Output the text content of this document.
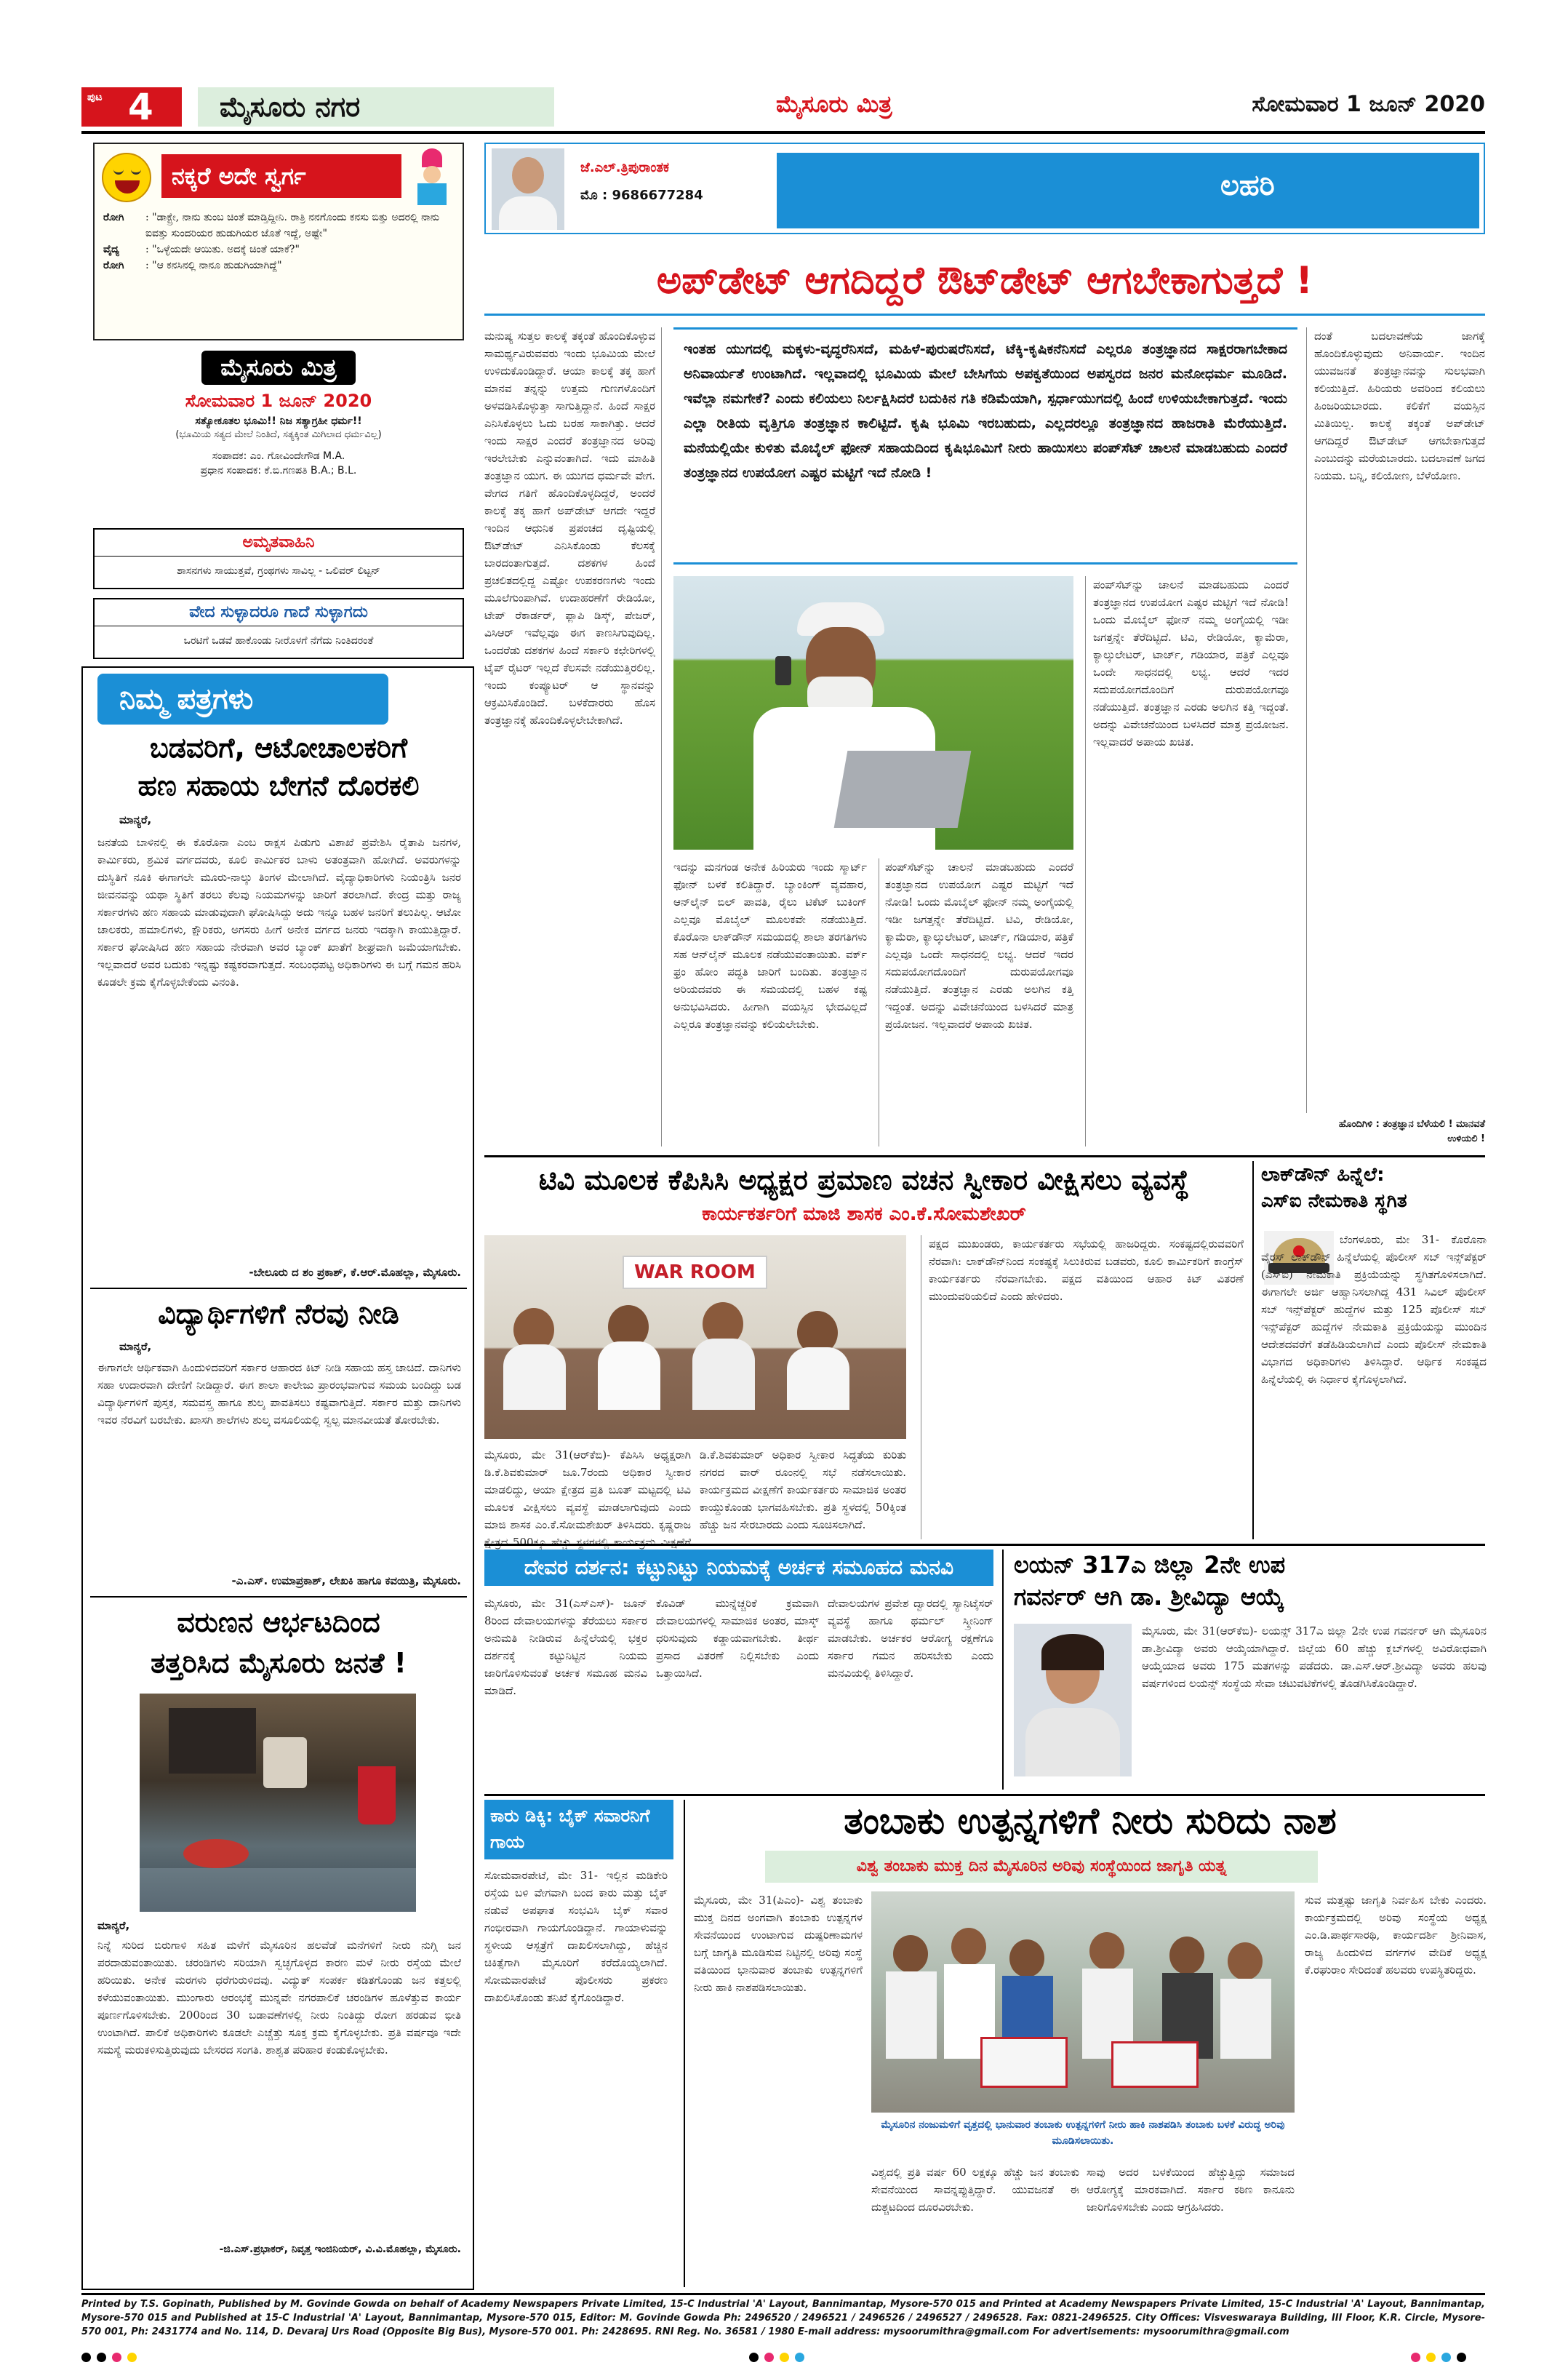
ಪುಟ 4	ಮೈಸೂರು ನಗರ	ಮೈಸೂರು ಮಿತ್ರ	ಸೋಮವಾರ 1 ಜೂನ್ 2020
ನಕ್ಕರೆ ಅದೇ ಸ್ವರ್ಗ
ರೋಗಿ	: "ಡಾಕ್ಟ್ರೇ, ನಾನು ತುಂಬ ಚಿಂತೆ ಮಾಡ್ತಿದ್ದೀನಿ. ರಾತ್ರಿ ನನಗೊಂದು ಕನಸು ಬಿತ್ತು ಅದರಲ್ಲಿ ನಾನು ಐವತ್ತು ಸುಂದರಿಯರ ಹುಡುಗಿಯರ ಜೊತೆ ಇದ್ದೆ, ಅಷ್ಟೇ"
ವೈದ್ಯ	: "ಒಳ್ಳೆಯದೇ ಆಯಿತು. ಅದಕ್ಕೆ ಚಿಂತೆ ಯಾಕೆ?"
ರೋಗಿ	: "ಆ ಕನಸಿನಲ್ಲಿ ನಾನೂ ಹುಡುಗಿಯಾಗಿದ್ದೆ"
ಮೈಸೂರು ಮಿತ್ರ
ಸೋಮವಾರ 1 ಜೂನ್ 2020
ಸತ್ಯೋಕೂತಲ ಭೂಮಿ!! ನಿಜ ಸತ್ಯಾಗ್ರಹೀ ಧರ್ಮ!!
(ಭೂಮಿಯ ಸತ್ಯದ ಮೇಲೆ ನಿಂತಿದೆ, ಸತ್ಯಕ್ಕಿಂತ ಮಿಗಿಲಾದ ಧರ್ಮವಿಲ್ಲ)
ಸಂಪಾದಕ: ಎಂ. ಗೋವಿಂದೇಗೌಡ M.A.
ಪ್ರಧಾನ ಸಂಪಾದಕ: ಕೆ.ಬಿ.ಗಣಪತಿ B.A.; B.L.
ಅಮೃತವಾಹಿನಿ
ಶಾಸನಗಳು ಸಾಯುತ್ತವೆ, ಗ್ರಂಥಗಳು ಸಾವಿಲ್ಲ - ಒಲಿವರ್ ಲಿಟ್ಟನ್
ವೇದ ಸುಳ್ಳಾದರೂ ಗಾದೆ ಸುಳ್ಳಾಗದು
ಒರಟಿಗೆ ಒಡವೆ ಹಾಕೊಂಡು ನೀರೊಳಗೆ ನೆಗೆದು ನಿಂತಿದರಂತೆ
ನಿಮ್ಮ ಪತ್ರಗಳು
ಬಡವರಿಗೆ, ಆಟೋಚಾಲಕರಿಗೆ
ಹಣ ಸಹಾಯ ಬೇಗನೆ ದೊರಕಲಿ
ಮಾನ್ಯರೆ,
ಜನತೆಯ ಬಾಳಿನಲ್ಲಿ ಈ ಕೊರೊನಾ ಎಂಬ ರಾಕ್ಷಸ ಪಿಡುಗು ವಿಶಾಖೆ ಪ್ರವೇಶಿಸಿ ರೈತಾಪಿ ಜನಗಳ, ಕಾರ್ಮಿಕರು, ಶ್ರಮಿಕ ವರ್ಗದವರು, ಕೂಲಿ ಕಾರ್ಮಿಕರ ಬಾಳು ಅತಂತ್ರವಾಗಿ ಹೋಗಿದೆ. ಅವರುಗಳನ್ನು ದುಸ್ಥಿತಿಗೆ ನೂಕಿ ಈಗಾಗಲೇ ಮೂರು-ನಾಲ್ಕು ತಿಂಗಳ ಮೇಲಾಗಿದೆ. ವೈದ್ಯಾಧಿಕಾರಿಗಳು ನಿಯಂತ್ರಿಸಿ ಜನರ ಜೀವನವನ್ನು ಯಥಾ ಸ್ಥಿತಿಗೆ ತರಲು ಕೆಲವು ನಿಯಮಗಳನ್ನು ಜಾರಿಗೆ ತರಲಾಗಿದೆ. ಕೇಂದ್ರ ಮತ್ತು ರಾಜ್ಯ ಸರ್ಕಾರಗಳು ಹಣ ಸಹಾಯ ಮಾಡುವುದಾಗಿ ಘೋಷಿಸಿದ್ದು ಅದು ಇನ್ನೂ ಬಹಳ ಜನರಿಗೆ ತಲುಪಿಲ್ಲ. ಆಟೋ ಚಾಲಕರು, ಹಮಾಲಿಗಳು, ಕ್ಷೌರಿಕರು, ಅಗಸರು ಹೀಗೆ ಅನೇಕ ವರ್ಗದ ಜನರು ಇದಕ್ಕಾಗಿ ಕಾಯುತ್ತಿದ್ದಾರೆ. ಸರ್ಕಾರ ಘೋಷಿಸಿದ ಹಣ ಸಹಾಯ ನೇರವಾಗಿ ಅವರ ಬ್ಯಾಂಕ್ ಖಾತೆಗೆ ಶೀಘ್ರವಾಗಿ ಜಮೆಯಾಗಬೇಕು. ಇಲ್ಲವಾದರೆ ಅವರ ಬದುಕು ಇನ್ನಷ್ಟು ಕಷ್ಟಕರವಾಗುತ್ತದೆ. ಸಂಬಂಧಪಟ್ಟ ಅಧಿಕಾರಿಗಳು ಈ ಬಗ್ಗೆ ಗಮನ ಹರಿಸಿ ಕೂಡಲೇ ಕ್ರಮ ಕೈಗೊಳ್ಳಬೇಕೆಂದು ವಿನಂತಿ.
-ಬೇಲೂರು ದ ಶಂ ಪ್ರಕಾಶ್, ಕೆ.ಆರ್.ಮೊಹಲ್ಲಾ, ಮೈಸೂರು.
ವಿದ್ಯಾರ್ಥಿಗಳಿಗೆ ನೆರವು ನೀಡಿ
ಮಾನ್ಯರೆ,
ಈಗಾಗಲೇ ಆರ್ಥಿಕವಾಗಿ ಹಿಂದುಳಿದವರಿಗೆ ಸರ್ಕಾರ ಆಹಾರದ ಕಿಟ್ ನೀಡಿ ಸಹಾಯ ಹಸ್ತ ಚಾಚಿದೆ. ದಾನಿಗಳು ಸಹಾ ಉದಾರವಾಗಿ ದೇಣಿಗೆ ನೀಡಿದ್ದಾರೆ. ಈಗ ಶಾಲಾ ಕಾಲೇಜು ಪ್ರಾರಂಭವಾಗುವ ಸಮಯ ಬಂದಿದ್ದು ಬಡ ವಿದ್ಯಾರ್ಥಿಗಳಿಗೆ ಪುಸ್ತಕ, ಸಮವಸ್ತ್ರ ಹಾಗೂ ಶುಲ್ಕ ಪಾವತಿಸಲು ಕಷ್ಟವಾಗುತ್ತಿದೆ. ಸರ್ಕಾರ ಮತ್ತು ದಾನಿಗಳು ಇವರ ನೆರವಿಗೆ ಬರಬೇಕು. ಖಾಸಗಿ ಶಾಲೆಗಳು ಶುಲ್ಕ ವಸೂಲಿಯಲ್ಲಿ ಸ್ವಲ್ಪ ಮಾನವೀಯತೆ ತೋರಬೇಕು.
-ಎ.ಎಸ್. ಉಮಾಪ್ರಕಾಶ್, ಲೇಖಕಿ ಹಾಗೂ ಕವಯಿತ್ರಿ, ಮೈಸೂರು.
ವರುಣನ ಆರ್ಭಟದಿಂದ
ತತ್ತರಿಸಿದ ಮೈಸೂರು ಜನತೆ !
ಮಾನ್ಯರೆ,
ನಿನ್ನೆ ಸುರಿದ ಬಿರುಗಾಳಿ ಸಹಿತ ಮಳೆಗೆ ಮೈಸೂರಿನ ಹಲವೆಡೆ ಮನೆಗಳಿಗೆ ನೀರು ನುಗ್ಗಿ ಜನ ಪರದಾಡುವಂತಾಯಿತು. ಚರಂಡಿಗಳು ಸರಿಯಾಗಿ ಸ್ವಚ್ಛಗೊಳ್ಳದ ಕಾರಣ ಮಳೆ ನೀರು ರಸ್ತೆಯ ಮೇಲೆ ಹರಿಯಿತು. ಅನೇಕ ಮರಗಳು ಧರೆಗುರುಳಿದವು. ವಿದ್ಯುತ್ ಸಂಪರ್ಕ ಕಡಿತಗೊಂಡು ಜನ ಕತ್ತಲಲ್ಲಿ ಕಳೆಯುವಂತಾಯಿತು. ಮುಂಗಾರು ಆರಂಭಕ್ಕೆ ಮುನ್ನವೇ ನಗರಪಾಲಿಕೆ ಚರಂಡಿಗಳ ಹೂಳೆತ್ತುವ ಕಾರ್ಯ ಪೂರ್ಣಗೊಳಿಸಬೇಕು. 200ರಿಂದ 30 ಬಡಾವಣೆಗಳಲ್ಲಿ ನೀರು ನಿಂತಿದ್ದು ರೋಗ ಹರಡುವ ಭೀತಿ ಉಂಟಾಗಿದೆ. ಪಾಲಿಕೆ ಅಧಿಕಾರಿಗಳು ಕೂಡಲೇ ಎಚ್ಚೆತ್ತು ಸೂಕ್ತ ಕ್ರಮ ಕೈಗೊಳ್ಳಬೇಕು. ಪ್ರತಿ ವರ್ಷವೂ ಇದೇ ಸಮಸ್ಯೆ ಮರುಕಳಿಸುತ್ತಿರುವುದು ಬೇಸರದ ಸಂಗತಿ. ಶಾಶ್ವತ ಪರಿಹಾರ ಕಂಡುಕೊಳ್ಳಬೇಕು.
-ಜಿ.ಎಸ್.ಪ್ರಭಾಕರ್, ನಿವೃತ್ತ ಇಂಜಿನಿಯರ್, ವಿ.ವಿ.ಮೊಹಲ್ಲಾ, ಮೈಸೂರು.
ಜೆ.ಎಲ್.ತ್ರಿಪುರಾಂತಕ
ಮೊ : 9686677284	ಲಹರಿ
ಅಪ್‌ಡೇಟ್ ಆಗದಿದ್ದರೆ ಔಟ್‌ಡೇಟ್ ಆಗಬೇಕಾಗುತ್ತದೆ !
ಇಂತಹ ಯುಗದಲ್ಲಿ ಮಕ್ಕಳು-ವೃದ್ಧರೆನಿಸದೆ, ಮಹಿಳೆ-ಪುರುಷರೆನಿಸದೆ, ಟೆಕ್ಕಿ-ಕೃಷಿಕನೆನಿಸದೆ ಎಲ್ಲರೂ ತಂತ್ರಜ್ಞಾನದ ಸಾಕ್ಷರರಾಗಬೇಕಾದ ಅನಿವಾರ್ಯತೆ ಉಂಟಾಗಿದೆ. ಇಲ್ಲವಾದಲ್ಲಿ ಭೂಮಿಯ ಮೇಲೆ ಬೇಸಿಗೆಯ ಅಪಕ್ವತೆಯಿಂದ ಅಪಸ್ವರದ ಜನರ ಮನೋಧರ್ಮ ಮೂಡಿದೆ. ಇವೆಲ್ಲಾ ನಮಗೇಕೆ? ಎಂದು ಕಲಿಯಲು ನಿರ್ಲಕ್ಷಿಸಿದರೆ ಬದುಕಿನ ಗತಿ ಕಡಿಮೆಯಾಗಿ, ಸ್ಪರ್ಧಾಯುಗದಲ್ಲಿ ಹಿಂದೆ ಉಳಿಯಬೇಕಾಗುತ್ತದೆ. ಇಂದು ಎಲ್ಲಾ ರೀತಿಯ ವೃತ್ತಿಗೂ ತಂತ್ರಜ್ಞಾನ ಕಾಲಿಟ್ಟಿದೆ. ಕೃಷಿ ಭೂಮಿ ಇರಬಹುದು, ಎಲ್ಲದರಲ್ಲೂ ತಂತ್ರಜ್ಞಾನದ ಹಾಜರಾತಿ ಮೆರೆಯುತ್ತಿದೆ. ಮನೆಯಲ್ಲಿಯೇ ಕುಳಿತು ಮೊಬೈಲ್ ಫೋನ್ ಸಹಾಯದಿಂದ ಕೃಷಿಭೂಮಿಗೆ ನೀರು ಹಾಯಿಸಲು ಪಂಪ್‌ಸೆಟ್ ಚಾಲನೆ ಮಾಡಬಹುದು ಎಂದರೆ ತಂತ್ರಜ್ಞಾನದ ಉಪಯೋಗ ಎಷ್ಟರ ಮಟ್ಟಿಗೆ ಇದೆ ನೋಡಿ !
ಮನುಷ್ಯ ಸುತ್ತಲ ಕಾಲಕ್ಕೆ ತಕ್ಕಂತೆ ಹೊಂದಿಕೊಳ್ಳುವ ಸಾಮರ್ಥ್ಯವಿರುವವರು ಇಂದು ಭೂಮಿಯ ಮೇಲೆ ಉಳಿದುಕೊಂಡಿದ್ದಾರೆ. ಆಯಾ ಕಾಲಕ್ಕೆ ತಕ್ಕ ಹಾಗೆ ಮಾನವ ತನ್ನನ್ನು ಉತ್ತಮ ಗುಣಗಳೊಂದಿಗೆ ಅಳವಡಿಸಿಕೊಳ್ಳುತ್ತಾ ಸಾಗುತ್ತಿದ್ದಾನೆ. ಹಿಂದೆ ಸಾಕ್ಷರ ಎನಿಸಿಕೊಳ್ಳಲು ಓದು ಬರಹ ಸಾಕಾಗಿತ್ತು. ಆದರೆ ಇಂದು ಸಾಕ್ಷರ ಎಂದರೆ ತಂತ್ರಜ್ಞಾನದ ಅರಿವು ಇರಲೇಬೇಕು ಎನ್ನುವಂತಾಗಿದೆ. ಇದು ಮಾಹಿತಿ ತಂತ್ರಜ್ಞಾನ ಯುಗ. ಈ ಯುಗದ ಧರ್ಮವೇ ವೇಗ. ವೇಗದ ಗತಿಗೆ ಹೊಂದಿಕೊಳ್ಳದಿದ್ದರೆ, ಅಂದರೆ ಕಾಲಕ್ಕೆ ತಕ್ಕ ಹಾಗೆ ಅಪ್‌ಡೇಟ್ ಆಗದೇ ಇದ್ದರೆ ಇಂದಿನ ಆಧುನಿಕ ಪ್ರಪಂಚದ ದೃಷ್ಟಿಯಲ್ಲಿ ಔಟ್‌ಡೇಟ್ ಎನಿಸಿಕೊಂಡು ಕೆಲಸಕ್ಕೆ ಬಾರದಂತಾಗುತ್ತದೆ. ದಶಕಗಳ ಹಿಂದೆ ಪ್ರಚಲಿತದಲ್ಲಿದ್ದ ಎಷ್ಟೋ ಉಪಕರಣಗಳು ಇಂದು ಮೂಲೆಗುಂಪಾಗಿವೆ. ಉದಾಹರಣೆಗೆ ರೇಡಿಯೋ, ಟೇಪ್ ರೆಕಾರ್ಡರ್, ಫ್ಲಾಪಿ ಡಿಸ್ಕ್, ಪೇಜರ್, ವಿಸಿಆರ್ ಇವೆಲ್ಲವೂ ಈಗ ಕಾಣಸಿಗುವುದಿಲ್ಲ. ಒಂದರೆಡು ದಶಕಗಳ ಹಿಂದೆ ಸರ್ಕಾರಿ ಕಛೇರಿಗಳಲ್ಲಿ ಟೈಪ್ ರೈಟರ್ ಇಲ್ಲದೆ ಕೆಲಸವೇ ನಡೆಯುತ್ತಿರಲಿಲ್ಲ. ಇಂದು ಕಂಪ್ಯೂಟರ್ ಆ ಸ್ಥಾನವನ್ನು ಆಕ್ರಮಿಸಿಕೊಂಡಿದೆ. ಬಳಕೆದಾರರು ಹೊಸ ತಂತ್ರಜ್ಞಾನಕ್ಕೆ ಹೊಂದಿಕೊಳ್ಳಲೇಬೇಕಾಗಿದೆ.
ಇದನ್ನು ಮನಗಂಡ ಅನೇಕ ಹಿರಿಯರು ಇಂದು ಸ್ಮಾರ್ಟ್ ಫೋನ್ ಬಳಕೆ ಕಲಿತಿದ್ದಾರೆ. ಬ್ಯಾಂಕಿಂಗ್ ವ್ಯವಹಾರ, ಆನ್‌ಲೈನ್ ಬಿಲ್ ಪಾವತಿ, ರೈಲು ಟಿಕೆಟ್ ಬುಕಿಂಗ್ ಎಲ್ಲವೂ ಮೊಬೈಲ್ ಮೂಲಕವೇ ನಡೆಯುತ್ತಿದೆ. ಕೊರೊನಾ ಲಾಕ್‌ಡೌನ್ ಸಮಯದಲ್ಲಿ ಶಾಲಾ ತರಗತಿಗಳು ಸಹ ಆನ್‌ಲೈನ್ ಮೂಲಕ ನಡೆಯುವಂತಾಯಿತು. ವರ್ಕ್ ಫ್ರಂ ಹೋಂ ಪದ್ಧತಿ ಜಾರಿಗೆ ಬಂದಿತು. ತಂತ್ರಜ್ಞಾನ ಅರಿಯದವರು ಈ ಸಮಯದಲ್ಲಿ ಬಹಳ ಕಷ್ಟ ಅನುಭವಿಸಿದರು. ಹೀಗಾಗಿ ವಯಸ್ಸಿನ ಭೇದವಿಲ್ಲದೆ ಎಲ್ಲರೂ ತಂತ್ರಜ್ಞಾನವನ್ನು ಕಲಿಯಲೇಬೇಕು.
ಪಂಪ್‌ಸೆಟ್‌ನ್ನು ಚಾಲನೆ ಮಾಡಬಹುದು ಎಂದರೆ ತಂತ್ರಜ್ಞಾನದ ಉಪಯೋಗ ಎಷ್ಟರ ಮಟ್ಟಿಗೆ ಇದೆ ನೋಡಿ! ಒಂದು ಮೊಬೈಲ್ ಫೋನ್ ನಮ್ಮ ಅಂಗೈಯಲ್ಲಿ ಇಡೀ ಜಗತ್ತನ್ನೇ ತೆರೆದಿಟ್ಟಿದೆ. ಟಿವಿ, ರೇಡಿಯೋ, ಕ್ಯಾಮೆರಾ, ಕ್ಯಾಲ್ಕುಲೇಟರ್, ಟಾರ್ಚ್, ಗಡಿಯಾರ, ಪತ್ರಿಕೆ ಎಲ್ಲವೂ ಒಂದೇ ಸಾಧನದಲ್ಲಿ ಲಭ್ಯ. ಆದರೆ ಇದರ ಸದುಪಯೋಗದೊಂದಿಗೆ ದುರುಪಯೋಗವೂ ನಡೆಯುತ್ತಿದೆ. ತಂತ್ರಜ್ಞಾನ ಎರಡು ಅಲಗಿನ ಕತ್ತಿ ಇದ್ದಂತೆ. ಅದನ್ನು ವಿವೇಚನೆಯಿಂದ ಬಳಸಿದರೆ ಮಾತ್ರ ಪ್ರಯೋಜನ. ಇಲ್ಲವಾದರೆ ಅಪಾಯ ಖಚಿತ.
ಪಂಪ್‌ಸೆಟ್‌ನ್ನು ಚಾಲನೆ ಮಾಡಬಹುದು ಎಂದರೆ ತಂತ್ರಜ್ಞಾನದ ಉಪಯೋಗ ಎಷ್ಟರ ಮಟ್ಟಿಗೆ ಇದೆ ನೋಡಿ! ಒಂದು ಮೊಬೈಲ್ ಫೋನ್ ನಮ್ಮ ಅಂಗೈಯಲ್ಲಿ ಇಡೀ ಜಗತ್ತನ್ನೇ ತೆರೆದಿಟ್ಟಿದೆ. ಟಿವಿ, ರೇಡಿಯೋ, ಕ್ಯಾಮೆರಾ, ಕ್ಯಾಲ್ಕುಲೇಟರ್, ಟಾರ್ಚ್, ಗಡಿಯಾರ, ಪತ್ರಿಕೆ ಎಲ್ಲವೂ ಒಂದೇ ಸಾಧನದಲ್ಲಿ ಲಭ್ಯ. ಆದರೆ ಇದರ ಸದುಪಯೋಗದೊಂದಿಗೆ ದುರುಪಯೋಗವೂ ನಡೆಯುತ್ತಿದೆ. ತಂತ್ರಜ್ಞಾನ ಎರಡು ಅಲಗಿನ ಕತ್ತಿ ಇದ್ದಂತೆ. ಅದನ್ನು ವಿವೇಚನೆಯಿಂದ ಬಳಸಿದರೆ ಮಾತ್ರ ಪ್ರಯೋಜನ. ಇಲ್ಲವಾದರೆ ಅಪಾಯ ಖಚಿತ.
ದಂತೆ ಬದಲಾವಣೆಯ ಜಾಗಕ್ಕೆ ಹೊಂದಿಕೊಳ್ಳುವುದು ಅನಿವಾರ್ಯ. ಇಂದಿನ ಯುವಜನತೆ ತಂತ್ರಜ್ಞಾನವನ್ನು ಸುಲಭವಾಗಿ ಕಲಿಯುತ್ತಿದೆ. ಹಿರಿಯರು ಅವರಿಂದ ಕಲಿಯಲು ಹಿಂಜರಿಯಬಾರದು. ಕಲಿಕೆಗೆ ವಯಸ್ಸಿನ ಮಿತಿಯಿಲ್ಲ. ಕಾಲಕ್ಕೆ ತಕ್ಕಂತೆ ಅಪ್‌ಡೇಟ್ ಆಗದಿದ್ದರೆ ಔಟ್‌ಡೇಟ್ ಆಗಬೇಕಾಗುತ್ತದೆ ಎಂಬುದನ್ನು ಮರೆಯಬಾರದು. ಬದಲಾವಣೆ ಜಗದ ನಿಯಮ. ಬನ್ನಿ, ಕಲಿಯೋಣ, ಬೆಳೆಯೋಣ.
ಹೊಂದಿಗಿಳಿ : ತಂತ್ರಜ್ಞಾನ ಬೆಳೆಯಲಿ ! ಮಾನವತೆ ಉಳಿಯಲಿ !
ಟಿವಿ ಮೂಲಕ ಕೆಪಿಸಿಸಿ ಅಧ್ಯಕ್ಷರ ಪ್ರಮಾಣ ವಚನ ಸ್ವೀಕಾರ ವೀಕ್ಷಿಸಲು ವ್ಯವಸ್ಥೆ
ಕಾರ್ಯಕರ್ತರಿಗೆ ಮಾಜಿ ಶಾಸಕ ಎಂ.ಕೆ.ಸೋಮಶೇಖರ್
WAR ROOM
ಮೈಸೂರು, ಮೇ 31(ಆರ್‌ಕೆಬಿ)- ಕೆಪಿಸಿಸಿ ಅಧ್ಯಕ್ಷರಾಗಿ ಡಿ.ಕೆ.ಶಿವಕುಮಾರ್ ಜೂ.7ರಂದು ಅಧಿಕಾರ ಸ್ವೀಕಾರ ಮಾಡಲಿದ್ದು, ಆಯಾ ಕ್ಷೇತ್ರದ ಪ್ರತಿ ಬೂತ್ ಮಟ್ಟದಲ್ಲಿ ಟಿವಿ ಮೂಲಕ ವೀಕ್ಷಿಸಲು ವ್ಯವಸ್ಥೆ ಮಾಡಲಾಗುವುದು ಎಂದು ಮಾಜಿ ಶಾಸಕ ಎಂ.ಕೆ.ಸೋಮಶೇಖರ್ ತಿಳಿಸಿದರು. ಕೃಷ್ಣರಾಜ ಕ್ಷೇತ್ರದ 500ಕ್ಕೂ ಹೆಚ್ಚು ಸ್ಥಳಗಳಲ್ಲಿ ಕಾರ್ಯಕ್ರಮ ವೀಕ್ಷಣೆಗೆ
ಡಿ.ಕೆ.ಶಿವಕುಮಾರ್ ಅಧಿಕಾರ ಸ್ವೀಕಾರ ಸಿದ್ಧತೆಯ ಕುರಿತು ನಗರದ ವಾರ್ ರೂಂನಲ್ಲಿ ಸಭೆ ನಡೆಸಲಾಯಿತು. ಕಾರ್ಯಕ್ರಮದ ವೀಕ್ಷಣೆಗೆ ಕಾರ್ಯಕರ್ತರು ಸಾಮಾಜಿಕ ಅಂತರ ಕಾಯ್ದುಕೊಂಡು ಭಾಗವಹಿಸಬೇಕು. ಪ್ರತಿ ಸ್ಥಳದಲ್ಲಿ 50ಕ್ಕಿಂತ ಹೆಚ್ಚು ಜನ ಸೇರಬಾರದು ಎಂದು ಸೂಚಿಸಲಾಗಿದೆ.
ಪಕ್ಷದ ಮುಖಂಡರು, ಕಾರ್ಯಕರ್ತರು ಸಭೆಯಲ್ಲಿ ಹಾಜರಿದ್ದರು. ಸಂಕಷ್ಟದಲ್ಲಿರುವವರಿಗೆ ನೆರವಾಗಿ: ಲಾಕ್‌ಡೌನ್‌ನಿಂದ ಸಂಕಷ್ಟಕ್ಕೆ ಸಿಲುಕಿರುವ ಬಡವರು, ಕೂಲಿ ಕಾರ್ಮಿಕರಿಗೆ ಕಾಂಗ್ರೆಸ್ ಕಾರ್ಯಕರ್ತರು ನೆರವಾಗಬೇಕು. ಪಕ್ಷದ ವತಿಯಿಂದ ಆಹಾರ ಕಿಟ್ ವಿತರಣೆ ಮುಂದುವರಿಯಲಿದೆ ಎಂದು ಹೇಳಿದರು.
ಲಾಕ್‌ಡೌನ್ ಹಿನ್ನೆಲೆ:
ಎಸ್‌ಐ ನೇಮಕಾತಿ ಸ್ಥಗಿತ
ಬೆಂಗಳೂರು, ಮೇ 31- ಕೊರೊನಾ ವೈರಸ್ ಲಾಕ್‌ಡೌನ್ ಹಿನ್ನೆಲೆಯಲ್ಲಿ ಪೊಲೀಸ್ ಸಬ್ ಇನ್ಸ್‌ಪೆಕ್ಟರ್ (ಎಸ್‌ಐ) ನೇಮಕಾತಿ ಪ್ರಕ್ರಿಯೆಯನ್ನು ಸ್ಥಗಿತಗೊಳಿಸಲಾಗಿದೆ. ಈಗಾಗಲೇ ಅರ್ಜಿ ಆಹ್ವಾನಿಸಲಾಗಿದ್ದ 431 ಸಿವಿಲ್ ಪೊಲೀಸ್ ಸಬ್ ಇನ್ಸ್‌ಪೆಕ್ಟರ್ ಹುದ್ದೆಗಳ ಮತ್ತು 125 ಪೊಲೀಸ್ ಸಬ್ ಇನ್ಸ್‌ಪೆಕ್ಟರ್ ಹುದ್ದೆಗಳ ನೇಮಕಾತಿ ಪ್ರಕ್ರಿಯೆಯನ್ನು ಮುಂದಿನ ಆದೇಶದವರೆಗೆ ತಡೆಹಿಡಿಯಲಾಗಿದೆ ಎಂದು ಪೊಲೀಸ್ ನೇಮಕಾತಿ ವಿಭಾಗದ ಅಧಿಕಾರಿಗಳು ತಿಳಿಸಿದ್ದಾರೆ. ಆರ್ಥಿಕ ಸಂಕಷ್ಟದ ಹಿನ್ನೆಲೆಯಲ್ಲಿ ಈ ನಿರ್ಧಾರ ಕೈಗೊಳ್ಳಲಾಗಿದೆ.
ದೇವರ ದರ್ಶನ: ಕಟ್ಟುನಿಟ್ಟು ನಿಯಮಕ್ಕೆ ಅರ್ಚಕ ಸಮೂಹದ ಮನವಿ
ಮೈಸೂರು, ಮೇ 31(ಎಸ್‌ಎಸ್)- ಜೂನ್ 8ರಿಂದ ದೇವಾಲಯಗಳನ್ನು ತೆರೆಯಲು ಸರ್ಕಾರ ಅನುಮತಿ ನೀಡಿರುವ ಹಿನ್ನೆಲೆಯಲ್ಲಿ ಭಕ್ತರ ದರ್ಶನಕ್ಕೆ ಕಟ್ಟುನಿಟ್ಟಿನ ನಿಯಮ ಜಾರಿಗೊಳಿಸುವಂತೆ ಅರ್ಚಕ ಸಮೂಹ ಮನವಿ ಮಾಡಿದೆ.
ಕೊವಿಡ್ ಮುನ್ನೆಚ್ಚರಿಕೆ ಕ್ರಮವಾಗಿ ದೇವಾಲಯಗಳಲ್ಲಿ ಸಾಮಾಜಿಕ ಅಂತರ, ಮಾಸ್ಕ್ ಧರಿಸುವುದು ಕಡ್ಡಾಯವಾಗಬೇಕು. ತೀರ್ಥ ಪ್ರಸಾದ ವಿತರಣೆ ನಿಲ್ಲಿಸಬೇಕು ಎಂದು ಒತ್ತಾಯಿಸಿದೆ.
ದೇವಾಲಯಗಳ ಪ್ರವೇಶ ದ್ವಾರದಲ್ಲಿ ಸ್ಯಾನಿಟೈಸರ್ ವ್ಯವಸ್ಥೆ ಹಾಗೂ ಥರ್ಮಲ್ ಸ್ಕ್ರೀನಿಂಗ್ ಮಾಡಬೇಕು. ಅರ್ಚಕರ ಆರೋಗ್ಯ ರಕ್ಷಣೆಗೂ ಸರ್ಕಾರ ಗಮನ ಹರಿಸಬೇಕು ಎಂದು ಮನವಿಯಲ್ಲಿ ತಿಳಿಸಿದ್ದಾರೆ.
ಲಯನ್ 317ಎ ಜಿಲ್ಲಾ 2ನೇ ಉಪ
ಗವರ್ನರ್ ಆಗಿ ಡಾ. ಶ್ರೀವಿದ್ಯಾ ಆಯ್ಕೆ
ಮೈಸೂರು, ಮೇ 31(ಆರ್‌ಕೆಬಿ)- ಲಯನ್ಸ್ 317ಎ ಜಿಲ್ಲಾ 2ನೇ ಉಪ ಗವರ್ನರ್ ಆಗಿ ಮೈಸೂರಿನ ಡಾ.ಶ್ರೀವಿದ್ಯಾ ಅವರು ಆಯ್ಕೆಯಾಗಿದ್ದಾರೆ. ಜಿಲ್ಲೆಯ 60 ಹೆಚ್ಚು ಕ್ಲಬ್‌ಗಳಲ್ಲಿ ಅವಿರೋಧವಾಗಿ ಆಯ್ಕೆಯಾದ ಅವರು 175 ಮತಗಳನ್ನು ಪಡೆದರು. ಡಾ.ಎಸ್.ಆರ್.ಶ್ರೀವಿದ್ಯಾ ಅವರು ಹಲವು ವರ್ಷಗಳಿಂದ ಲಯನ್ಸ್ ಸಂಸ್ಥೆಯ ಸೇವಾ ಚಟುವಟಿಕೆಗಳಲ್ಲಿ ತೊಡಗಿಸಿಕೊಂಡಿದ್ದಾರೆ.
ಕಾರು ಡಿಕ್ಕಿ: ಬೈಕ್ ಸವಾರನಿಗೆ ಗಾಯ
ಸೋಮವಾರಪೇಟೆ, ಮೇ 31- ಇಲ್ಲಿನ ಮಡಿಕೇರಿ ರಸ್ತೆಯ ಬಳಿ ವೇಗವಾಗಿ ಬಂದ ಕಾರು ಮತ್ತು ಬೈಕ್ ನಡುವೆ ಅಪಘಾತ ಸಂಭವಿಸಿ ಬೈಕ್ ಸವಾರ ಗಂಭೀರವಾಗಿ ಗಾಯಗೊಂಡಿದ್ದಾನೆ. ಗಾಯಾಳುವನ್ನು ಸ್ಥಳೀಯ ಆಸ್ಪತ್ರೆಗೆ ದಾಖಲಿಸಲಾಗಿದ್ದು, ಹೆಚ್ಚಿನ ಚಿಕಿತ್ಸೆಗಾಗಿ ಮೈಸೂರಿಗೆ ಕರೆದೊಯ್ಯಲಾಗಿದೆ. ಸೋಮವಾರಪೇಟೆ ಪೊಲೀಸರು ಪ್ರಕರಣ ದಾಖಲಿಸಿಕೊಂಡು ತನಿಖೆ ಕೈಗೊಂಡಿದ್ದಾರೆ.
ತಂಬಾಕು ಉತ್ಪನ್ನಗಳಿಗೆ ನೀರು ಸುರಿದು ನಾಶ
ವಿಶ್ವ ತಂಬಾಕು ಮುಕ್ತ ದಿನ ಮೈಸೂರಿನ ಅರಿವು ಸಂಸ್ಥೆಯಿಂದ ಜಾಗೃತಿ ಯತ್ನ
ಮೈಸೂರಿನ ನಂಜುಮಳಿಗೆ ವೃತ್ತದಲ್ಲಿ ಭಾನುವಾರ ತಂಬಾಕು ಉತ್ಪನ್ನಗಳಿಗೆ ನೀರು ಹಾಕಿ ನಾಶಪಡಿಸಿ ತಂಬಾಕು ಬಳಕೆ ವಿರುದ್ಧ ಅರಿವು ಮೂಡಿಸಲಾಯಿತು.
ಮೈಸೂರು, ಮೇ 31(ಪಿಎಂ)- ವಿಶ್ವ ತಂಬಾಕು ಮುಕ್ತ ದಿನದ ಅಂಗವಾಗಿ ತಂಬಾಕು ಉತ್ಪನ್ನಗಳ ಸೇವನೆಯಿಂದ ಉಂಟಾಗುವ ದುಷ್ಪರಿಣಾಮಗಳ ಬಗ್ಗೆ ಜಾಗೃತಿ ಮೂಡಿಸುವ ನಿಟ್ಟಿನಲ್ಲಿ ಅರಿವು ಸಂಸ್ಥೆ ವತಿಯಿಂದ ಭಾನುವಾರ ತಂಬಾಕು ಉತ್ಪನ್ನಗಳಿಗೆ ನೀರು ಹಾಕಿ ನಾಶಪಡಿಸಲಾಯಿತು.
ವಿಶ್ವದಲ್ಲಿ ಪ್ರತಿ ವರ್ಷ 60 ಲಕ್ಷಕ್ಕೂ ಹೆಚ್ಚು ಜನ ತಂಬಾಕು ಸೇವನೆಯಿಂದ ಸಾವನ್ನಪ್ಪುತ್ತಿದ್ದಾರೆ. ಯುವಜನತೆ ಈ ದುಶ್ಚಟದಿಂದ ದೂರವಿರಬೇಕು.
ಸಾವು ಅದರ ಬಳಕೆಯಿಂದ ಹೆಚ್ಚುತ್ತಿದ್ದು ಸಮಾಜದ ಆರೋಗ್ಯಕ್ಕೆ ಮಾರಕವಾಗಿದೆ. ಸರ್ಕಾರ ಕಠಿಣ ಕಾನೂನು ಜಾರಿಗೊಳಿಸಬೇಕು ಎಂದು ಆಗ್ರಹಿಸಿದರು.
ಸುವ ಮತ್ತಷ್ಟು ಜಾಗೃತಿ ನಿರ್ವಹಿಸ ಬೇಕು ಎಂದರು. ಕಾರ್ಯಕ್ರಮದಲ್ಲಿ ಅರಿವು ಸಂಸ್ಥೆಯ ಅಧ್ಯಕ್ಷ ಎಂ.ಡಿ.ಪಾರ್ಥಸಾರಥಿ, ಕಾರ್ಯದರ್ಶಿ ಶ್ರೀನಿವಾಸ, ರಾಜ್ಯ ಹಿಂದುಳಿದ ವರ್ಗಗಳ ವೇದಿಕೆ ಅಧ್ಯಕ್ಷ ಕೆ.ರಘುರಾಂ ಸೇರಿದಂತೆ ಹಲವರು ಉಪಸ್ಥಿತರಿದ್ದರು.
Printed by T.S. Gopinath, Published by M. Govinde Gowda on behalf of Academy Newspapers Private Limited, 15-C Industrial 'A' Layout, Bannimantap, Mysore-570 015 and Printed at Academy Newspapers Private Limited, 15-C Industrial 'A' Layout, Bannimantap, Mysore-570 015 and Published at 15-C Industrial 'A' Layout, Bannimantap, Mysore-570 015, Editor: M. Govinde Gowda Ph: 2496520 / 2496521 / 2496526 / 2496527 / 2496528. Fax: 0821-2496525. City Offices: Visveswaraya Building, III Floor, K.R. Circle, Mysore-570 001, Ph: 2431774 and No. 114, D. Devaraj Urs Road (Opposite Big Bus), Mysore-570 001. Ph: 2428695. RNI Reg. No. 36581 / 1980 E-mail address: mysoorumithra@gmail.com For advertisements: mysoorumithra@gmail.com
